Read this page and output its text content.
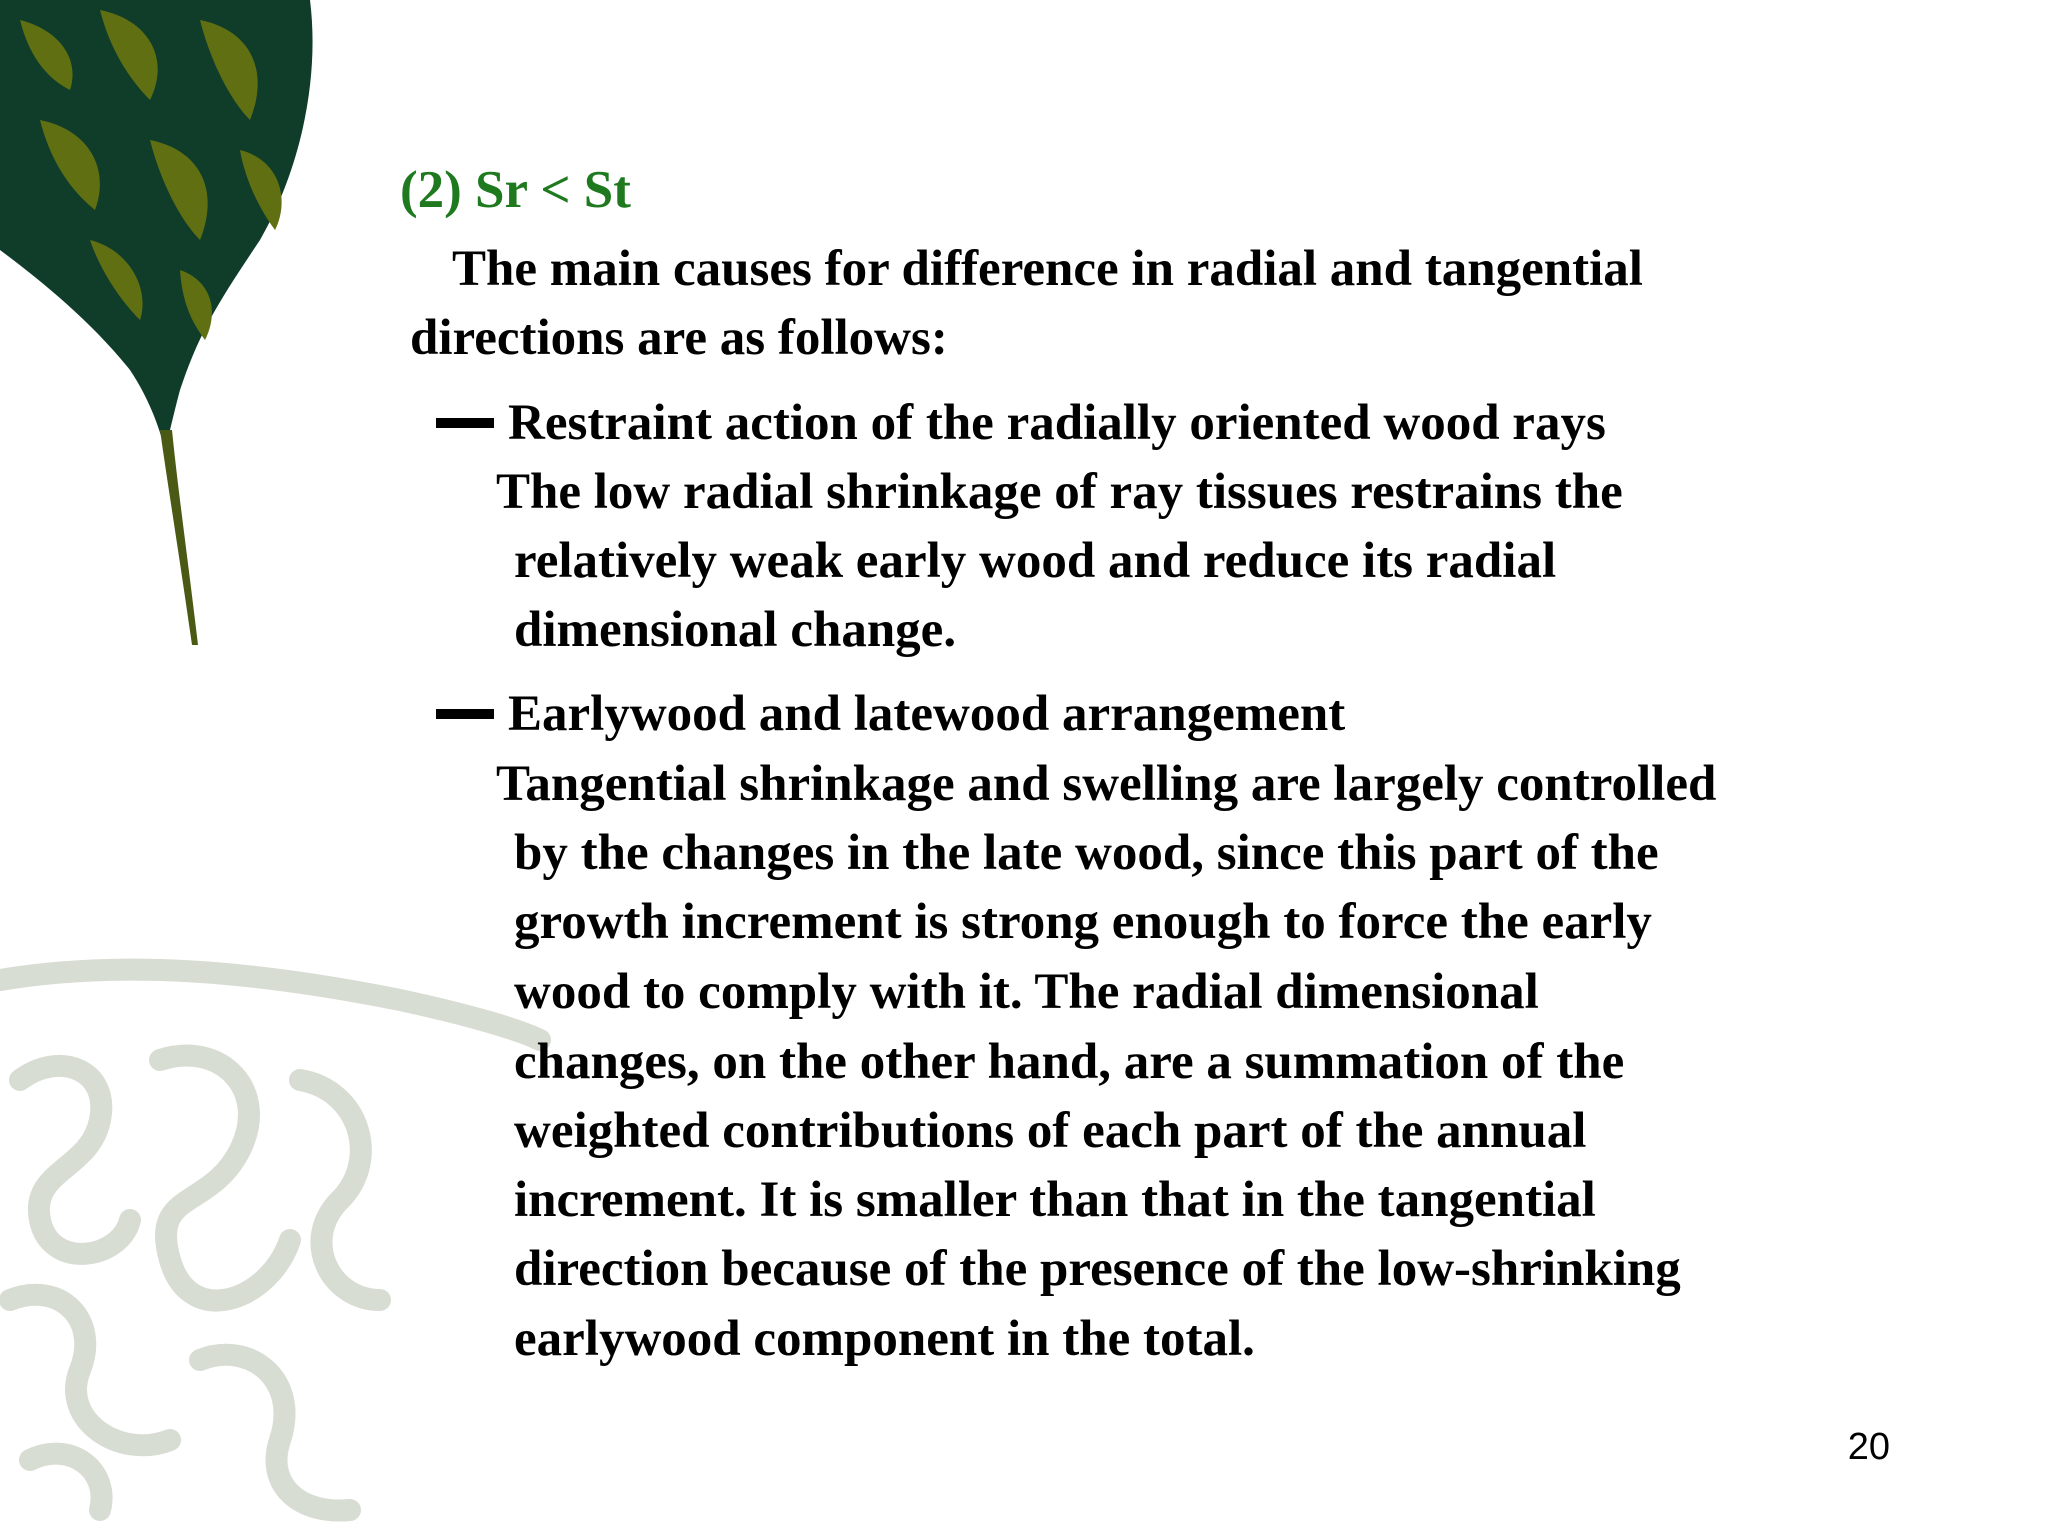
(2) Sr < St
The main causes for difference in radial and tangential
directions are as follows:
Restraint action of the radially oriented wood rays
The low radial shrinkage of ray tissues restrains the
relatively weak early wood and reduce its radial
dimensional change.
Earlywood and latewood arrangement
Tangential shrinkage and swelling are largely controlled
by the changes in the late wood, since this part of the
growth increment is strong enough to force the early
wood to comply with it. The radial dimensional
changes, on the other hand, are a summation of the
weighted contributions of each part of the annual
increment. It is smaller than that in the tangential
direction because of the presence of the low-shrinking
earlywood component in the total.
20
